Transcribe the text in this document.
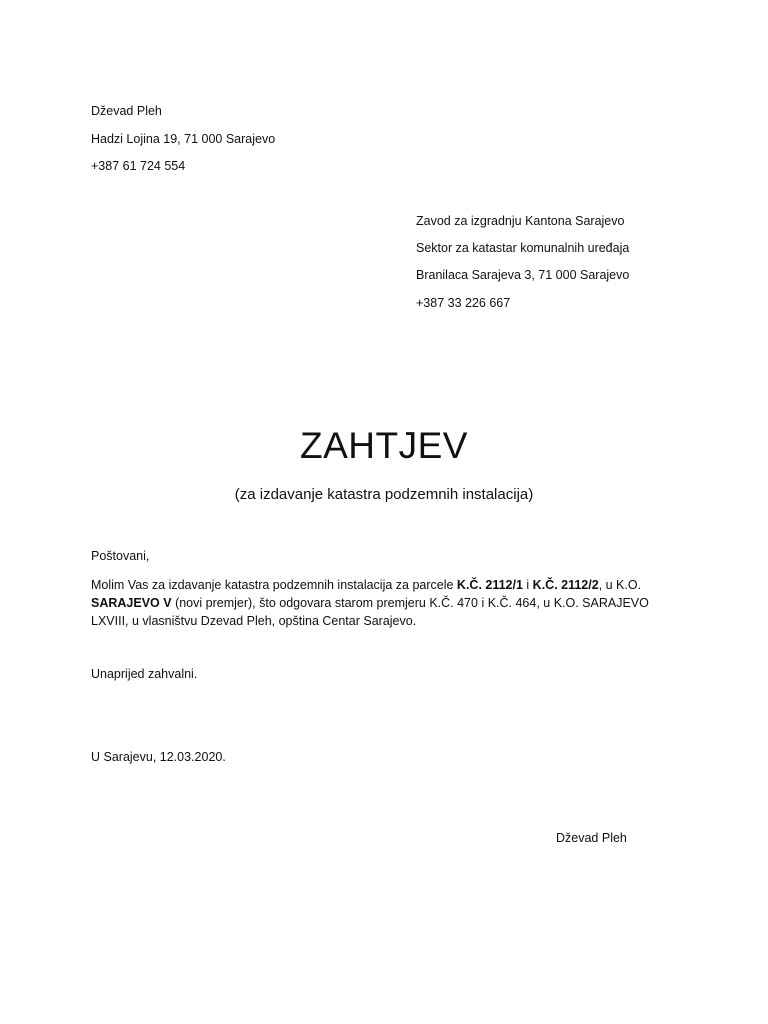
Dževad Pleh
Hadzi Lojina 19, 71 000 Sarajevo
+387 61 724 554
Zavod za izgradnju Kantona Sarajevo
Sektor za katastar komunalnih uređaja
Branilaca Sarajeva 3, 71 000 Sarajevo
+387 33 226 667
ZAHTJEV
(za izdavanje katastra podzemnih instalacija)
Poštovani,
Molim Vas za izdavanje katastra podzemnih instalacija za parcele K.Č. 2112/1 i K.Č. 2112/2, u K.O. SARAJEVO V (novi premjer), što odgovara starom premjeru K.Č. 470 i K.Č. 464, u K.O. SARAJEVO LXVIII, u vlasništvu Dzevad Pleh, opština Centar Sarajevo.
Unaprijed zahvalni.
U Sarajevu, 12.03.2020.
Dževad Pleh
